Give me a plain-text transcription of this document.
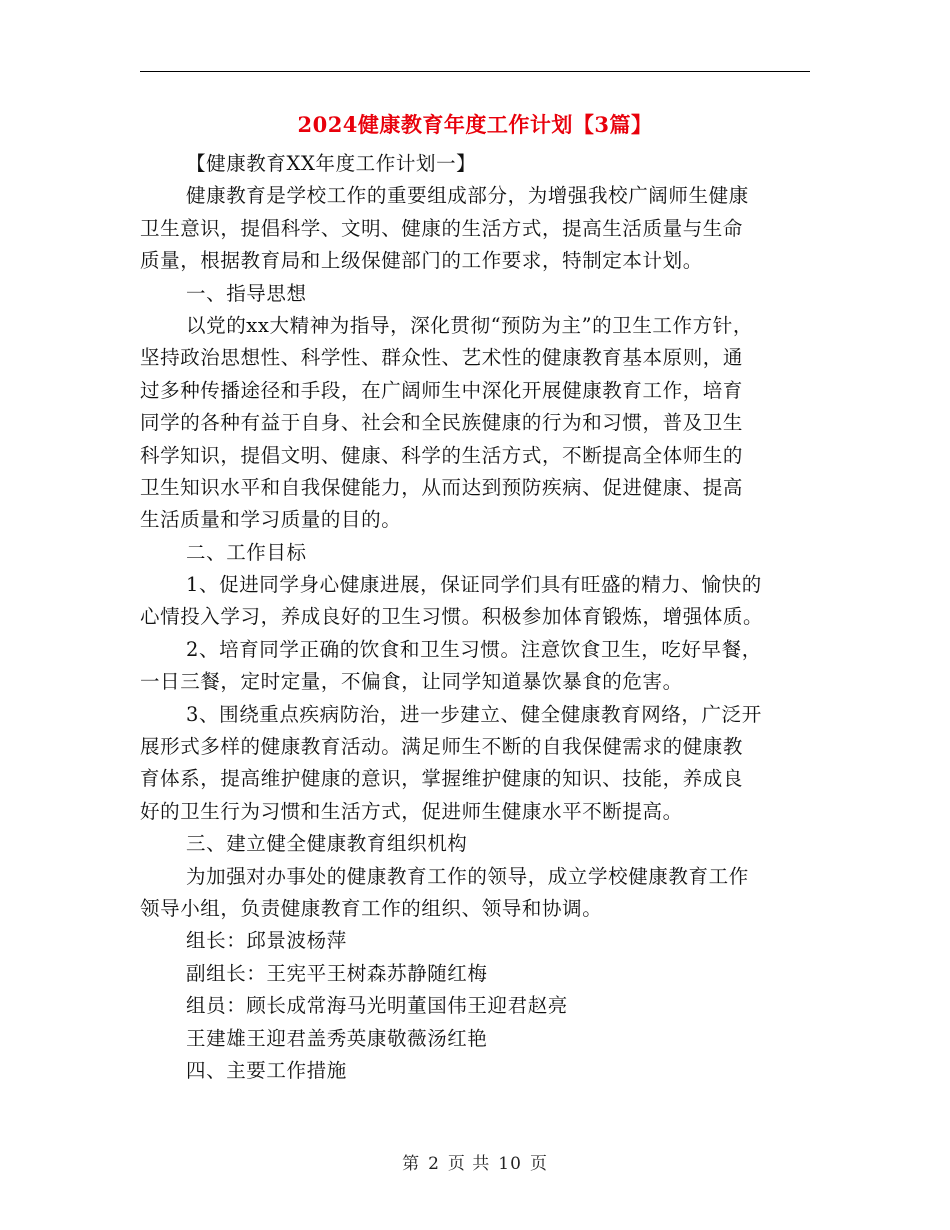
2024健康教育年度工作计划【3篇】
【健康教育XX年度工作计划一】
健康教育是学校工作的重要组成部分，为增强我校广阔师生健康
卫生意识，提倡科学、文明、健康的生活方式，提高生活质量与生命
质量，根据教育局和上级保健部门的工作要求，特制定本计划。
一、指导思想
以党的xx大精神为指导，深化贯彻“预防为主”的卫生工作方针，
坚持政治思想性、科学性、群众性、艺术性的健康教育基本原则，通
过多种传播途径和手段，在广阔师生中深化开展健康教育工作，培育
同学的各种有益于自身、社会和全民族健康的行为和习惯，普及卫生
科学知识，提倡文明、健康、科学的生活方式，不断提高全体师生的
卫生知识水平和自我保健能力，从而达到预防疾病、促进健康、提高
生活质量和学习质量的目的。
二、工作目标
1、促进同学身心健康进展，保证同学们具有旺盛的精力、愉快的
心情投入学习，养成良好的卫生习惯。积极参加体育锻炼，增强体质。
2、培育同学正确的饮食和卫生习惯。注意饮食卫生，吃好早餐，
一日三餐，定时定量，不偏食，让同学知道暴饮暴食的危害。
3、围绕重点疾病防治，进一步建立、健全健康教育网络，广泛开
展形式多样的健康教育活动。满足师生不断的自我保健需求的健康教
育体系，提高维护健康的意识，掌握维护健康的知识、技能，养成良
好的卫生行为习惯和生活方式，促进师生健康水平不断提高。
三、建立健全健康教育组织机构
为加强对办事处的健康教育工作的领导，成立学校健康教育工作
领导小组，负责健康教育工作的组织、领导和协调。
组长：邱景波杨萍
副组长：王宪平王树森苏静随红梅
组员：顾长成常海马光明董国伟王迎君赵亮
王建雄王迎君盖秀英康敬薇汤红艳
四、主要工作措施
第 2 页 共 10 页
